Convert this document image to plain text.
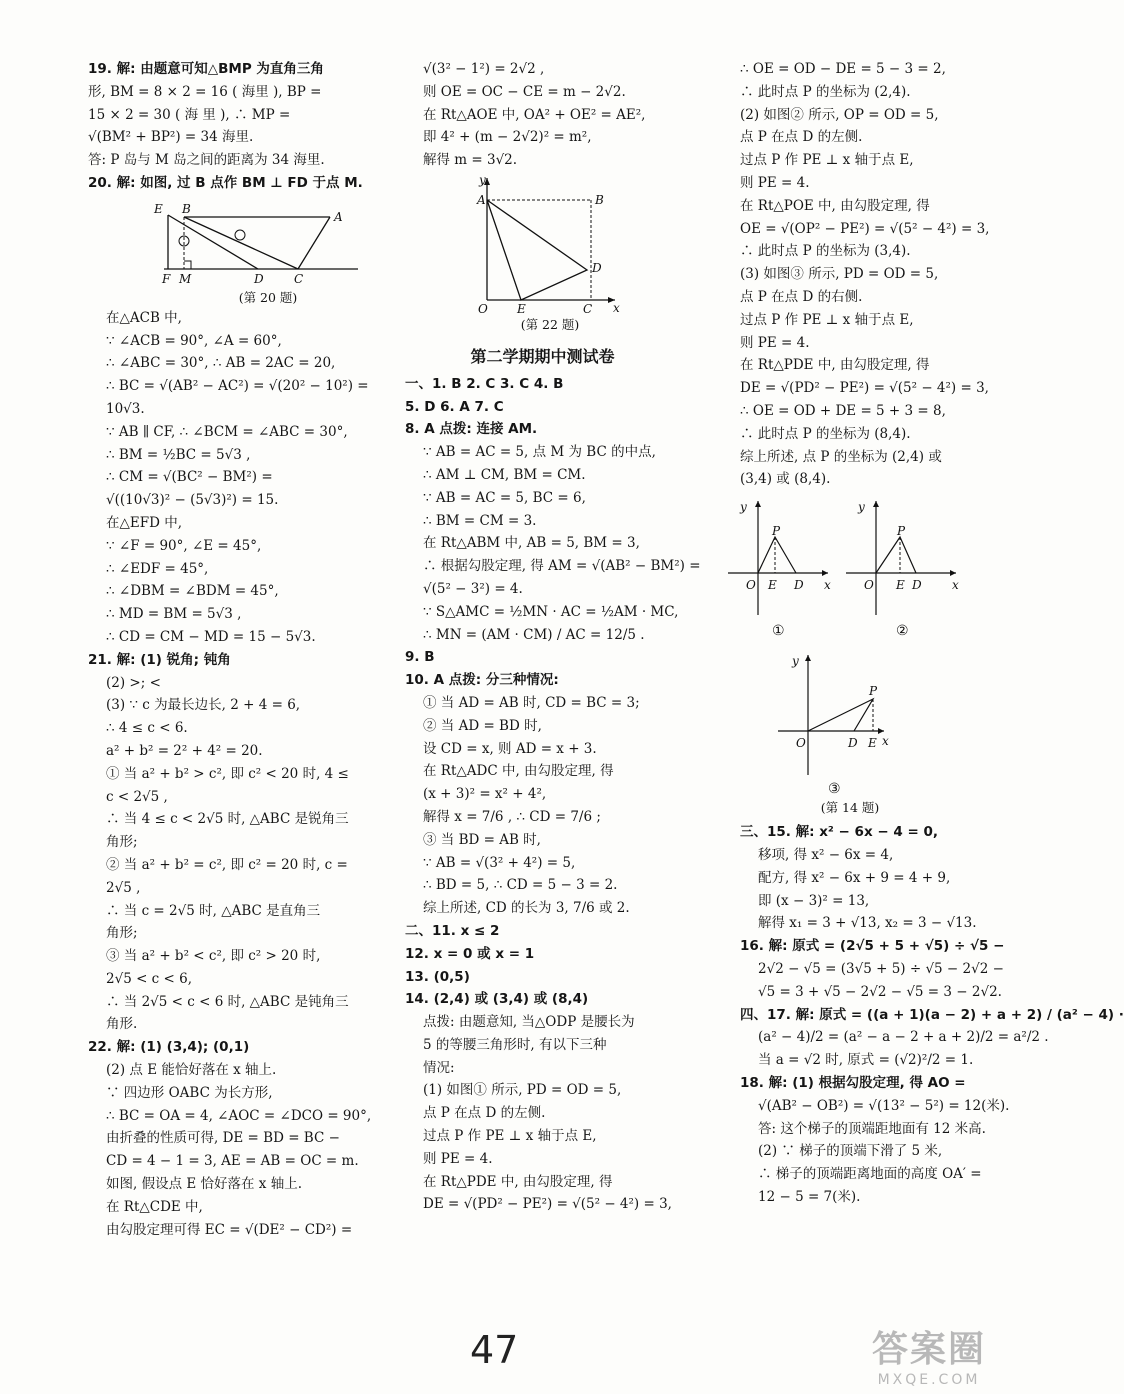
19. 解: 由题意可知△BMP 为直角三角
形, BM = 8 × 2 = 16 ( 海里 ), BP =
15 × 2 = 30 ( 海 里 ), ∴ MP =
√(BM² + BP²) = 34 海里.
答: P 岛与 M 岛之间的距离为 34 海里.
20. 解: 如图, 过 B 点作 BM ⊥ FD 于点 M.
E B
A
F M	D	C
(第 20 题)
在△ACB 中,
∵ ∠ACB = 90°, ∠A = 60°,
∴ ∠ABC = 30°, ∴ AB = 2AC = 20,
∴ BC = √(AB² − AC²) = √(20² − 10²) =
10√3.
∵ AB ∥ CF, ∴ ∠BCM = ∠ABC = 30°,
∴ BM = ½BC = 5√3 ,
∴ CM = √(BC² − BM²) =
√((10√3)² − (5√3)²) = 15.
在△EFD 中,
∵ ∠F = 90°, ∠E = 45°,
∴ ∠EDF = 45°,
∴ ∠DBM = ∠BDM = 45°,
∴ MD = BM = 5√3 ,
∴ CD = CM − MD = 15 − 5√3.
21. 解: (1) 锐角; 钝角
(2) >; <
(3) ∵ c 为最长边长, 2 + 4 = 6,
∴ 4 ≤ c < 6.
a² + b² = 2² + 4² = 20.
① 当 a² + b² > c², 即 c² < 20 时, 4 ≤
c < 2√5 ,
∴ 当 4 ≤ c < 2√5 时, △ABC 是锐角三
角形;
② 当 a² + b² = c², 即 c² = 20 时, c =
2√5 ,
∴ 当 c = 2√5 时, △ABC 是直角三
角形;
③ 当 a² + b² < c², 即 c² > 20 时,
2√5 < c < 6,
∴ 当 2√5 < c < 6 时, △ABC 是钝角三
角形.
22. 解: (1) (3,4); (0,1)
(2) 点 E 能恰好落在 x 轴上.
∵ 四边形 OABC 为长方形,
∴ BC = OA = 4, ∠AOC = ∠DCO = 90°,
由折叠的性质可得, DE = BD = BC −
CD = 4 − 1 = 3, AE = AB = OC = m.
如图, 假设点 E 恰好落在 x 轴上.
在 Rt△CDE 中,
由勾股定理可得 EC = √(DE² − CD²) =
√(3² − 1²) = 2√2 ,
则 OE = OC − CE = m − 2√2.
在 Rt△AOE 中, OA² + OE² = AE²,
即 4² + (m − 2√2)² = m²,
解得 m = 3√2.
y
A	B
D
O E	C x
(第 22 题)
第二学期期中测试卷
一、1. B 2. C 3. C 4. B
5. D 6. A 7. C
8. A 点拨: 连接 AM.
∵ AB = AC = 5, 点 M 为 BC 的中点,
∴ AM ⊥ CM, BM = CM.
∵ AB = AC = 5, BC = 6,
∴ BM = CM = 3.
在 Rt△ABM 中, AB = 5, BM = 3,
∴ 根据勾股定理, 得 AM = √(AB² − BM²) =
√(5² − 3²) = 4.
∵ S△AMC = ½MN · AC = ½AM · MC,
∴ MN = (AM · CM) / AC = 12/5 .
9. B
10. A 点拨: 分三种情况:
① 当 AD = AB 时, CD = BC = 3;
② 当 AD = BD 时,
设 CD = x, 则 AD = x + 3.
在 Rt△ADC 中, 由勾股定理, 得
(x + 3)² = x² + 4²,
解得 x = 7/6 , ∴ CD = 7/6 ;
③ 当 BD = AB 时,
∵ AB = √(3² + 4²) = 5,
∴ BD = 5, ∴ CD = 5 − 3 = 2.
综上所述, CD 的长为 3, 7/6 或 2.
二、11. x ≤ 2
12. x = 0 或 x = 1
13. (0,5)
14. (2,4) 或 (3,4) 或 (8,4)
点拨: 由题意知, 当△ODP 是腰长为
5 的等腰三角形时, 有以下三种
情况:
(1) 如图① 所示, PD = OD = 5,
点 P 在点 D 的左侧.
过点 P 作 PE ⊥ x 轴于点 E,
则 PE = 4.
在 Rt△PDE 中, 由勾股定理, 得
DE = √(PD² − PE²) = √(5² − 4²) = 3,
∴ OE = OD − DE = 5 − 3 = 2,
∴ 此时点 P 的坐标为 (2,4).
(2) 如图② 所示, OP = OD = 5,
点 P 在点 D 的左侧.
过点 P 作 PE ⊥ x 轴于点 E,
则 PE = 4.
在 Rt△POE 中, 由勾股定理, 得
OE = √(OP² − PE²) = √(5² − 4²) = 3,
∴ 此时点 P 的坐标为 (3,4).
(3) 如图③ 所示, PD = OD = 5,
点 P 在点 D 的右侧.
过点 P 作 PE ⊥ x 轴于点 E,
则 PE = 4.
在 Rt△PDE 中, 由勾股定理, 得
DE = √(PD² − PE²) = √(5² − 4²) = 3,
∴ OE = OD + DE = 5 + 3 = 8,
∴ 此时点 P 的坐标为 (8,4).
综上所述, 点 P 的坐标为 (2,4) 或
(3,4) 或 (8,4).
y
P
O E D x
①
y
P
O E D	x
②
y
P
O	D E x
③
(第 14 题)
三、15. 解: x² − 6x − 4 = 0,
移项, 得 x² − 6x = 4,
配方, 得 x² − 6x + 9 = 4 + 9,
即 (x − 3)² = 13,
解得 x₁ = 3 + √13, x₂ = 3 − √13.
16. 解: 原式 = (2√5 + 5 + √5) ÷ √5 −
2√2 − √5 = (3√5 + 5) ÷ √5 − 2√2 −
√5 = 3 + √5 − 2√2 − √5 = 3 − 2√2.
四、17. 解: 原式 = ((a + 1)(a − 2) + a + 2) / (a² − 4) ·
(a² − 4)/2 = (a² − a − 2 + a + 2)/2 = a²/2 .
当 a = √2 时, 原式 = (√2)²/2 = 1.
18. 解: (1) 根据勾股定理, 得 AO =
√(AB² − OB²) = √(13² − 5²) = 12(米).
答: 这个梯子的顶端距地面有 12 米高.
(2) ∵ 梯子的顶端下滑了 5 米,
∴ 梯子的顶端距离地面的高度 OA′ =
12 − 5 = 7(米).
47	答案圈
MXQE.COM
